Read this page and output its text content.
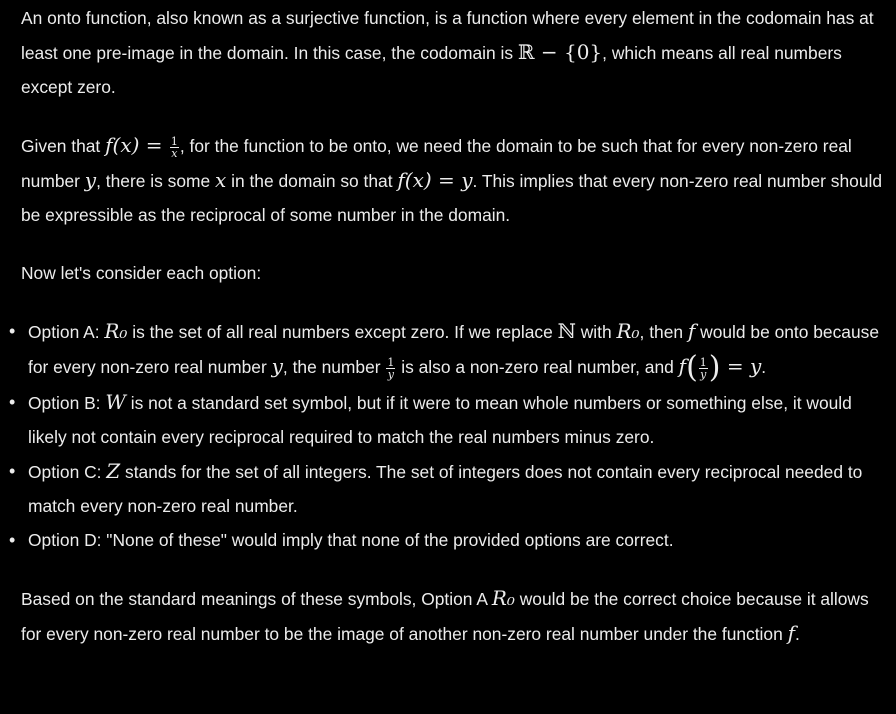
An onto function, also known as a surjective function, is a function where every element in the codomain has at least one pre-image in the domain. In this case, the codomain is ℝ − {0}, which means all real numbers except zero.

Given that $f(x) = \frac{1}{x}$ , for the function to be onto, we need the domain to be such that for every non-zero real number y, there is some x in the domain so that f(x) = y. This implies that every non-zero real number should be expressible as the reciprocal of some number in the domain.

Now let's consider each option:

• Option A: R₀ is the set of all real numbers except zero. If we replace ℕ with R₀, then f would be onto because for every non-zero real number y, the number $\frac{1}{y}$ is also a non-zero real number, and $f( \frac{1}{y}$ ) = y.
• Option B: W is not a standard set symbol, but if it were to mean whole numbers or something else, it would likely not contain every reciprocal required to match the real numbers minus zero.
• Option C: Z stands for the set of all integers. The set of integers does not contain every reciprocal needed to match every non-zero real number.
• Option D: "None of these" would imply that none of the provided options are correct.

Based on the standard meanings of these symbols, Option A R₀ would be the correct choice because it allows for every non-zero real number to be the image of another non-zero real number under the function f.
